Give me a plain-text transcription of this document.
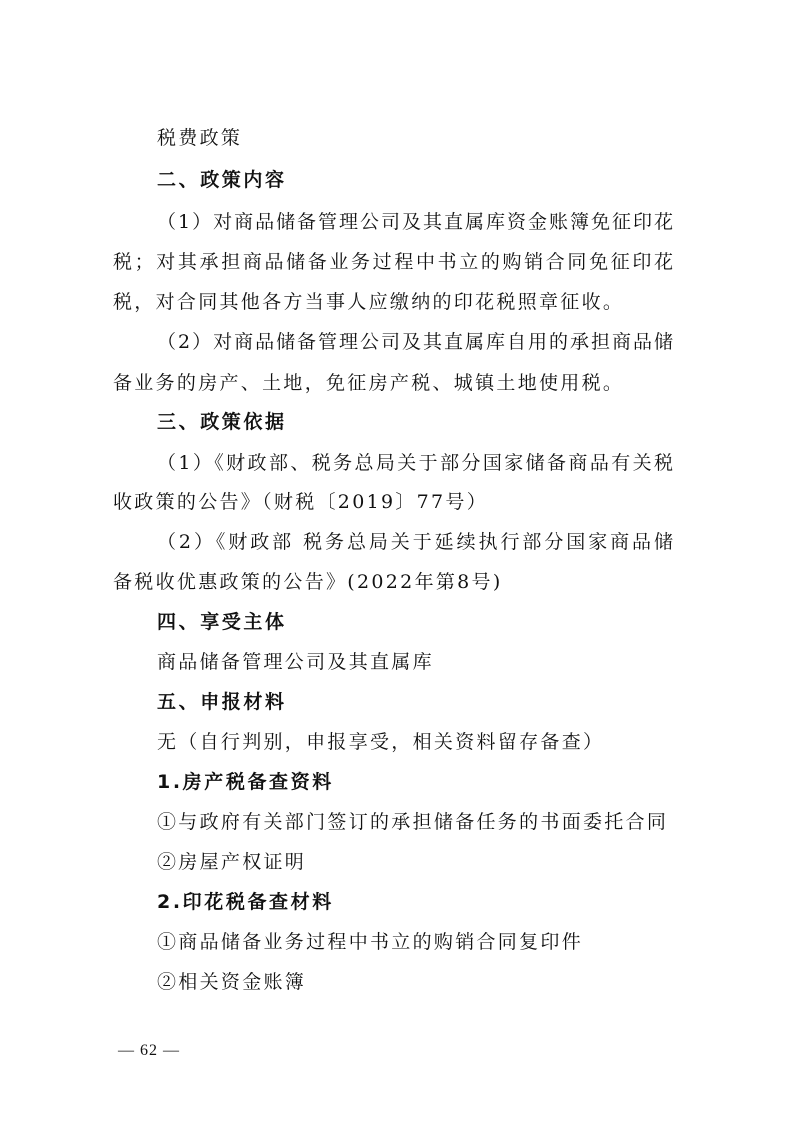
税费政策
二、政策内容
（1）对商品储备管理公司及其直属库资金账簿免征印花
税；对其承担商品储备业务过程中书立的购销合同免征印花
税，对合同其他各方当事人应缴纳的印花税照章征收。
（2）对商品储备管理公司及其直属库自用的承担商品储
备业务的房产、土地，免征房产税、城镇土地使用税。
三、政策依据
（1）《财政部、税务总局关于部分国家储备商品有关税
收政策的公告》（财税〔2019〕77号）
（2）《财政部 税务总局关于延续执行部分国家商品储
备税收优惠政策的公告》(2022年第8号)
四、享受主体
商品储备管理公司及其直属库
五、申报材料
无（自行判别，申报享受，相关资料留存备查）
1.房产税备查资料
①与政府有关部门签订的承担储备任务的书面委托合同
②房屋产权证明
2.印花税备查材料
①商品储备业务过程中书立的购销合同复印件
②相关资金账簿
— 62 —
